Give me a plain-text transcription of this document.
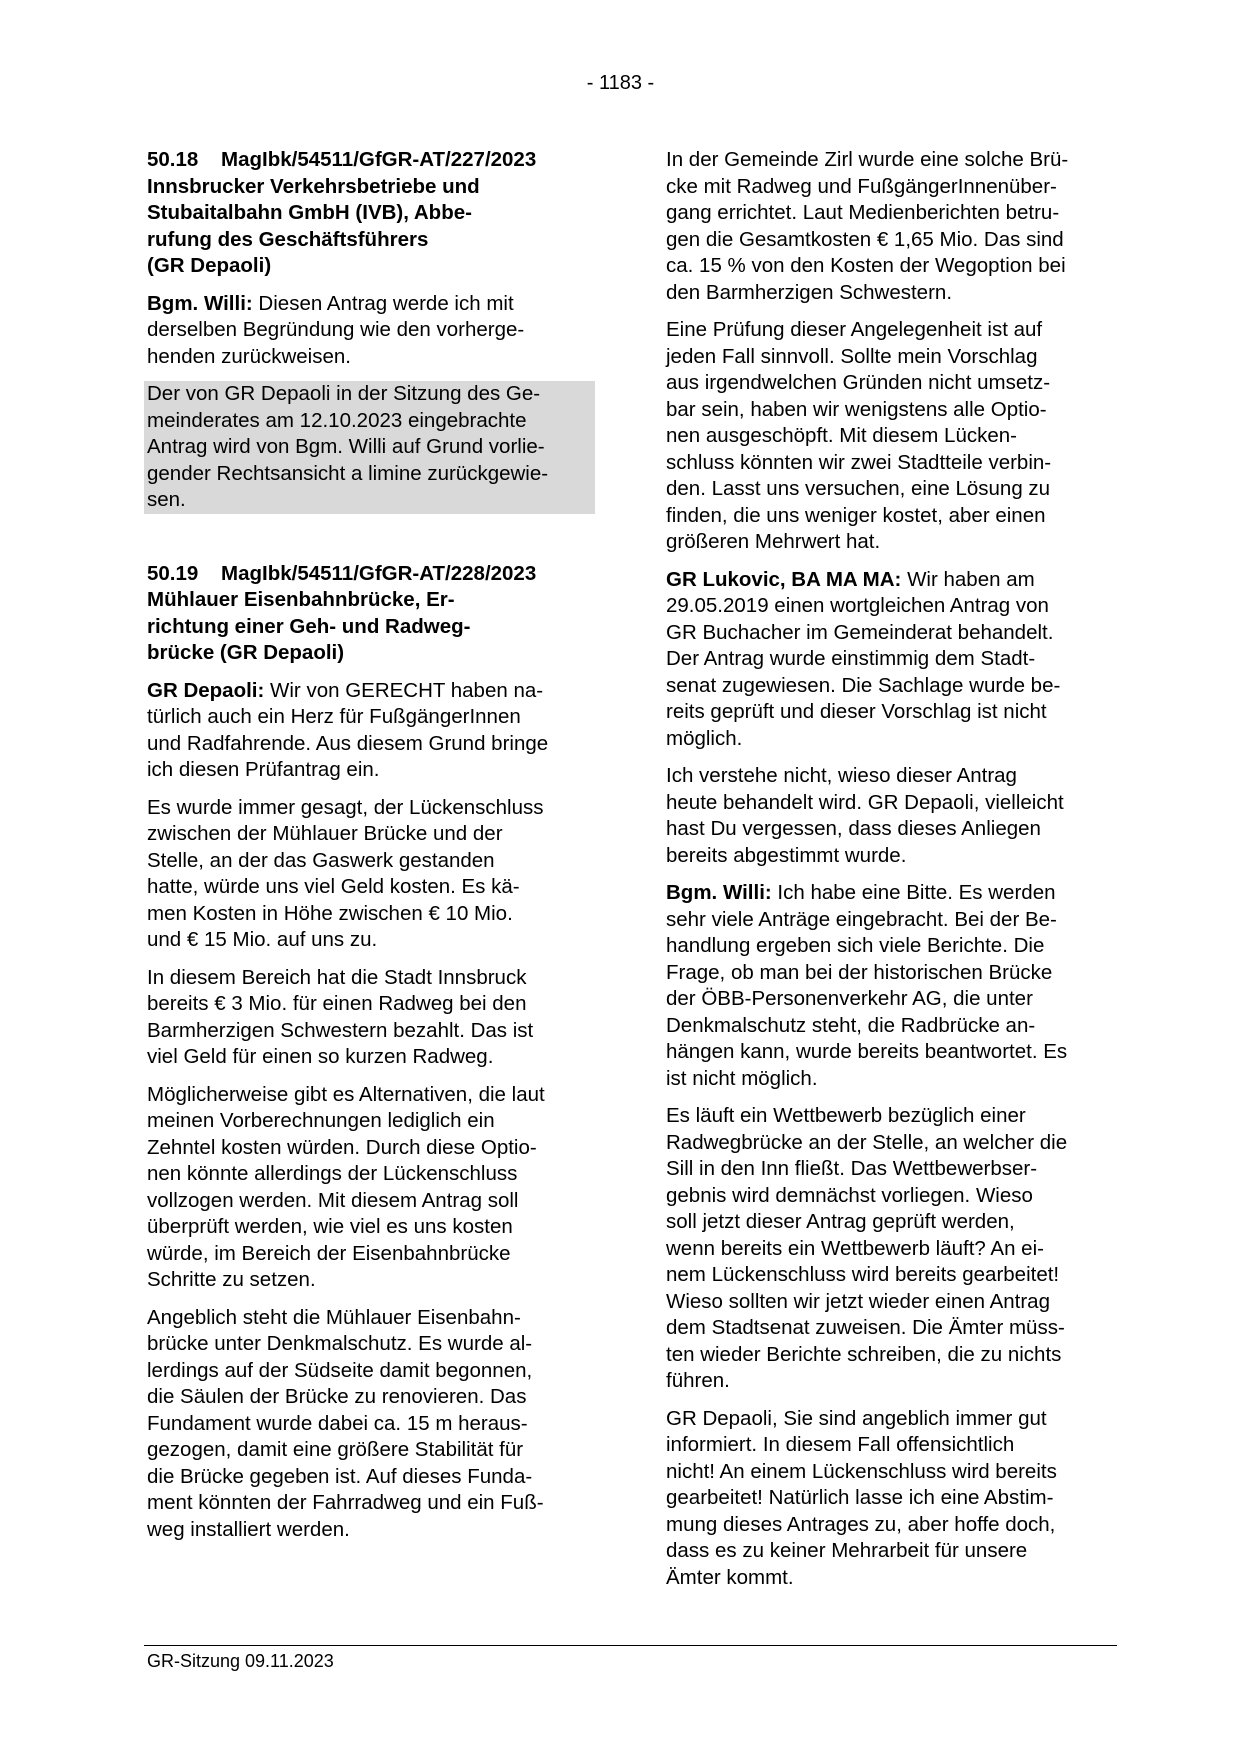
- 1183 -
50.18	MagIbk/54511/GfGR-AT/227/2023
Innsbrucker Verkehrsbetriebe und
Stubaitalbahn GmbH (IVB), Abbe-
rufung des Geschäftsführers
(GR Depaoli)
Bgm. Willi: Diesen Antrag werde ich mit
derselben Begründung wie den vorherge-
henden zurückweisen.
Der von GR Depaoli in der Sitzung des Ge-
meinderates am 12.10.2023 eingebrachte
Antrag wird von Bgm. Willi auf Grund vorlie-
gender Rechtsansicht a limine zurückgewie-
sen.
50.19	MagIbk/54511/GfGR-AT/228/2023
Mühlauer Eisenbahnbrücke, Er-
richtung einer Geh- und Radweg-
brücke (GR Depaoli)
GR Depaoli: Wir von GERECHT haben na-
türlich auch ein Herz für FußgängerInnen
und Radfahrende. Aus diesem Grund bringe
ich diesen Prüfantrag ein.
Es wurde immer gesagt, der Lückenschluss
zwischen der Mühlauer Brücke und der
Stelle, an der das Gaswerk gestanden
hatte, würde uns viel Geld kosten. Es kä-
men Kosten in Höhe zwischen € 10 Mio.
und € 15 Mio. auf uns zu.
In diesem Bereich hat die Stadt Innsbruck
bereits € 3 Mio. für einen Radweg bei den
Barmherzigen Schwestern bezahlt. Das ist
viel Geld für einen so kurzen Radweg.
Möglicherweise gibt es Alternativen, die laut
meinen Vorberechnungen lediglich ein
Zehntel kosten würden. Durch diese Optio-
nen könnte allerdings der Lückenschluss
vollzogen werden. Mit diesem Antrag soll
überprüft werden, wie viel es uns kosten
würde, im Bereich der Eisenbahnbrücke
Schritte zu setzen.
Angeblich steht die Mühlauer Eisenbahn-
brücke unter Denkmalschutz. Es wurde al-
lerdings auf der Südseite damit begonnen,
die Säulen der Brücke zu renovieren. Das
Fundament wurde dabei ca. 15 m heraus-
gezogen, damit eine größere Stabilität für
die Brücke gegeben ist. Auf dieses Funda-
ment könnten der Fahrradweg und ein Fuß-
weg installiert werden.
In der Gemeinde Zirl wurde eine solche Brü-
cke mit Radweg und FußgängerInnenüber-
gang errichtet. Laut Medienberichten betru-
gen die Gesamtkosten € 1,65 Mio. Das sind
ca. 15 % von den Kosten der Wegoption bei
den Barmherzigen Schwestern.
Eine Prüfung dieser Angelegenheit ist auf
jeden Fall sinnvoll. Sollte mein Vorschlag
aus irgendwelchen Gründen nicht umsetz-
bar sein, haben wir wenigstens alle Optio-
nen ausgeschöpft. Mit diesem Lücken-
schluss könnten wir zwei Stadtteile verbin-
den. Lasst uns versuchen, eine Lösung zu
finden, die uns weniger kostet, aber einen
größeren Mehrwert hat.
GR Lukovic, BA MA MA: Wir haben am
29.05.2019 einen wortgleichen Antrag von
GR Buchacher im Gemeinderat behandelt.
Der Antrag wurde einstimmig dem Stadt-
senat zugewiesen. Die Sachlage wurde be-
reits geprüft und dieser Vorschlag ist nicht
möglich.
Ich verstehe nicht, wieso dieser Antrag
heute behandelt wird. GR Depaoli, vielleicht
hast Du vergessen, dass dieses Anliegen
bereits abgestimmt wurde.
Bgm. Willi: Ich habe eine Bitte. Es werden
sehr viele Anträge eingebracht. Bei der Be-
handlung ergeben sich viele Berichte. Die
Frage, ob man bei der historischen Brücke
der ÖBB-Personenverkehr AG, die unter
Denkmalschutz steht, die Radbrücke an-
hängen kann, wurde bereits beantwortet. Es
ist nicht möglich.
Es läuft ein Wettbewerb bezüglich einer
Radwegbrücke an der Stelle, an welcher die
Sill in den Inn fließt. Das Wettbewerbser-
gebnis wird demnächst vorliegen. Wieso
soll jetzt dieser Antrag geprüft werden,
wenn bereits ein Wettbewerb läuft? An ei-
nem Lückenschluss wird bereits gearbeitet!
Wieso sollten wir jetzt wieder einen Antrag
dem Stadtsenat zuweisen. Die Ämter müss-
ten wieder Berichte schreiben, die zu nichts
führen.
GR Depaoli, Sie sind angeblich immer gut
informiert. In diesem Fall offensichtlich
nicht! An einem Lückenschluss wird bereits
gearbeitet! Natürlich lasse ich eine Abstim-
mung dieses Antrages zu, aber hoffe doch,
dass es zu keiner Mehrarbeit für unsere
Ämter kommt.
GR-Sitzung 09.11.2023
